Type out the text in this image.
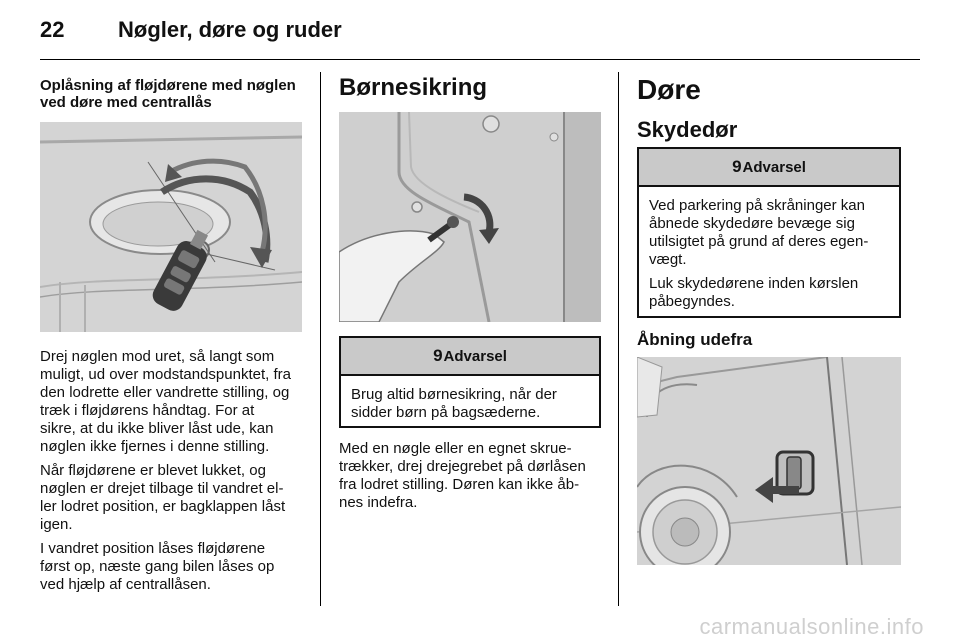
22 Nøgler, døre og ruder
Oplåsning af fløjdørene med nøglen
ved døre med centrallås
Drej nøglen mod uret, så langt som
muligt, ud over modstandspunktet, fra
den lodrette eller vandrette stilling, og
træk i fløjdørens håndtag. For at
sikre, at du ikke bliver låst ude, kan
nøglen ikke fjernes i denne stilling.
Når fløjdørene er blevet lukket, og
nøglen er drejet tilbage til vandret el-
ler lodret position, er bagklappen låst
igen.
I vandret position låses fløjdørene
først op, næste gang bilen låses op
ved hjælp af centrallåsen.
Børnesikring
9 Advarsel
Brug altid børnesikring, når der
sidder børn på bagsæderne.
Med en nøgle eller en egnet skrue-
trækker, drej drejegrebet på dørlåsen
fra lodret stilling. Døren kan ikke åb-
nes indefra.
Døre
Skydedør
9 Advarsel
Ved parkering på skråninger kan
åbnede skydedøre bevæge sig
utilsigtet på grund af deres egen-
vægt.
Luk skydedørene inden kørslen
påbegyndes.
Åbning udefra
carmanualsonline.info
